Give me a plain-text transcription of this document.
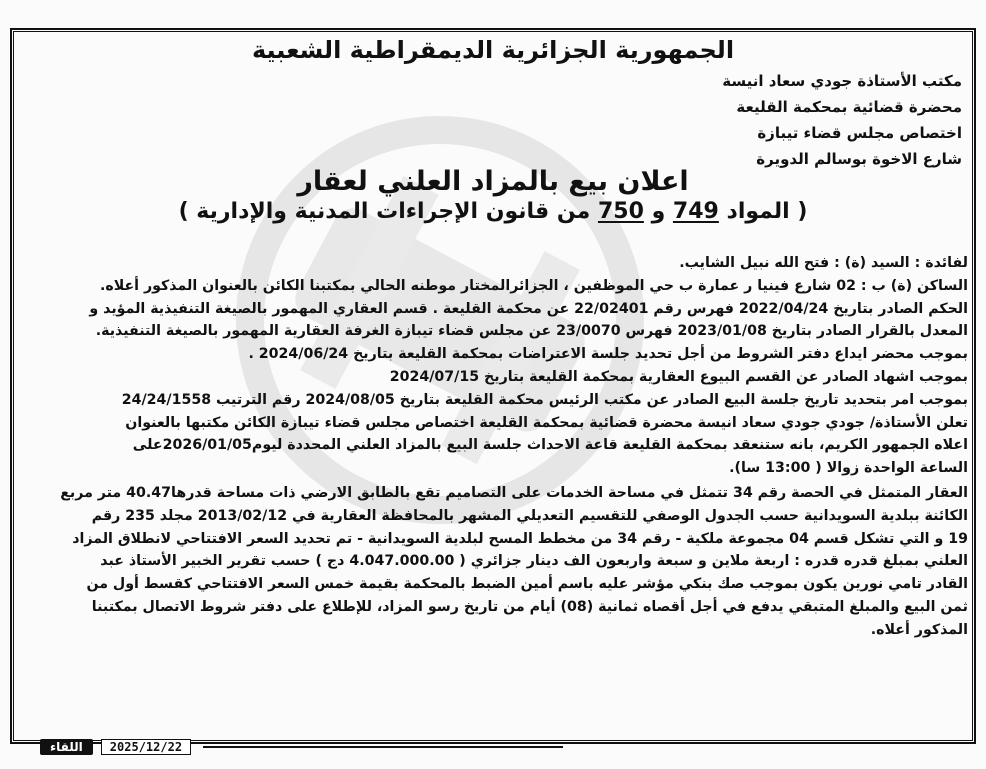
الجمهورية الجزائرية الديمقراطية الشعبية
مكتب الأستاذة جودي سعاد انيسة
محضرة قضائية بمحكمة القليعة
اختصاص مجلس قضاء تيبازة
شارع الاخوة بوسالم الدويرة
اعلان بيع بالمزاد العلني لعقار
( المواد 749 و 750 من قانون الإجراءات المدنية والإدارية )
لفائدة : السيد (ة) : فتح الله نبيل الشايب.
الساكن (ة) ب : 02 شارع فينيا ر عمارة ب حي الموظفين ، الجزائرالمختار موطنه الحالي بمكتبنا الكائن بالعنوان المذكور أعلاه.
الحكم الصادر بتاريخ 2022/04/24 فهرس رقم 22/02401 عن محكمة القليعة . قسم العقاري المهمور بالصيغة التنفيذية المؤيد و
المعدل بالقرار الصادر بتاريخ 2023/01/08 فهرس 23/0070 عن مجلس قضاء تيبازة الغرفة العقارية المهمور بالصيغة التنفيذية.
بموجب محضر ايداع دفتر الشروط من أجل تحديد جلسة الاعتراضات بمحكمة القليعة بتاريخ 2024/06/24 .
بموجب اشهاد الصادر عن القسم البيوع العقارية بمحكمة القليعة بتاريخ 2024/07/15
بموجب امر بتحديد تاريخ جلسة البيع الصادر عن مكتب الرئيس محكمة القليعة بتاريخ 2024/08/05 رقم الترتيب 24/24/1558
تعلن الأستاذة/ جودي جودي سعاد انيسة محضرة قضائية بمحكمة القليعة اختصاص مجلس قضاء تيبازة الكائن مكتبها بالعنوان
اعلاه الجمهور الكريم، بانه ستنعقد بمحكمة القليعة قاعة الاحداث جلسة البيع بالمزاد العلني المحددة ليوم2026/01/05على
الساعة الواحدة زوالا ( 13:00 سا).
العقار المتمثل في الحصة رقم 34 تتمثل في مساحة الخدمات على التصاميم تقع بالطابق الارضي ذات مساحة قدرها40.47 متر مربع
الكائنة ببلدية السويدانية حسب الجدول الوصفي للتقسيم التعديلي المشهر بالمحافظة العقارية في 2013/02/12 مجلد 235 رقم
19 و التي تشكل قسم 04 مجموعة ملكية - رقم 34 من مخطط المسح لبلدية السويدانية - تم تحديد السعر الافتتاحي لانطلاق المزاد
العلني بمبلغ قدره قدره : اربعة ملاين و سبعة واربعون الف دينار جزائري ( 4.047.000.00 دج ) حسب تقرير الخبير الأستاذ عبد
القادر تامي نورين يكون بموجب صك بنكي مؤشر عليه باسم أمين الضبط بالمحكمة بقيمة خمس السعر الافتتاحي كقسط أول من
ثمن البيع والمبلغ المتبقي يدفع في أجل أقصاه ثمانية (08) أيام من تاريخ رسو المزاد، للإطلاع على دفتر شروط الاتصال بمكتبنا
المذكور أعلاه.
اللقاء	2025/12/22
